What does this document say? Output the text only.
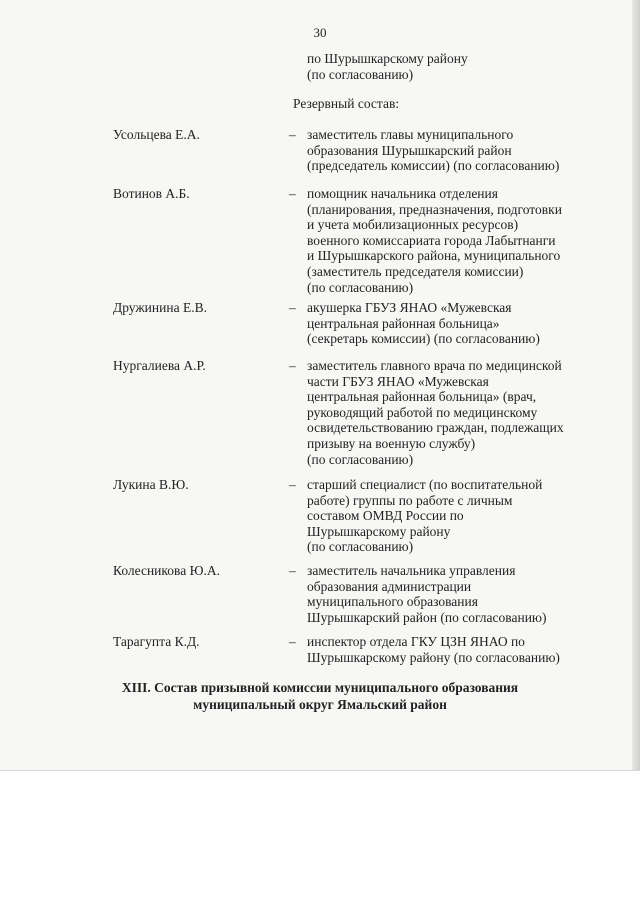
30
по Шурышкарскому району
(по согласованию)
Резервный состав:
Усольцева Е.А.	– заместитель главы муниципального
образования Шурышкарский район
(председатель комиссии) (по согласованию)
Вотинов А.Б.	– помощник начальника отделения
(планирования, предназначения, подготовки
и учета мобилизационных ресурсов)
военного комиссариата города Лабытнанги
и Шурышкарского района, муниципального
(заместитель председателя комиссии)
(по согласованию)
Дружинина Е.В.	– акушерка ГБУЗ ЯНАО «Мужевская
центральная районная больница»
(секретарь комиссии) (по согласованию)
Нургалиева А.Р.	– заместитель главного врача по медицинской
части ГБУЗ ЯНАО «Мужевская
центральная районная больница» (врач,
руководящий работой по медицинскому
освидетельствованию граждан, подлежащих
призыву на военную службу)
(по согласованию)
Лукина В.Ю.	– старший специалист (по воспитательной
работе) группы по работе с личным
составом ОМВД России по
Шурышкарскому району
(по согласованию)
Колесникова Ю.А.	– заместитель начальника управления
образования администрации
муниципального образования
Шурышкарский район (по согласованию)
Тарагупта К.Д.	– инспектор отдела ГКУ ЦЗН ЯНАО по
Шурышкарскому району (по согласованию)
XIII. Состав призывной комиссии муниципального образования
муниципальный округ Ямальский район
